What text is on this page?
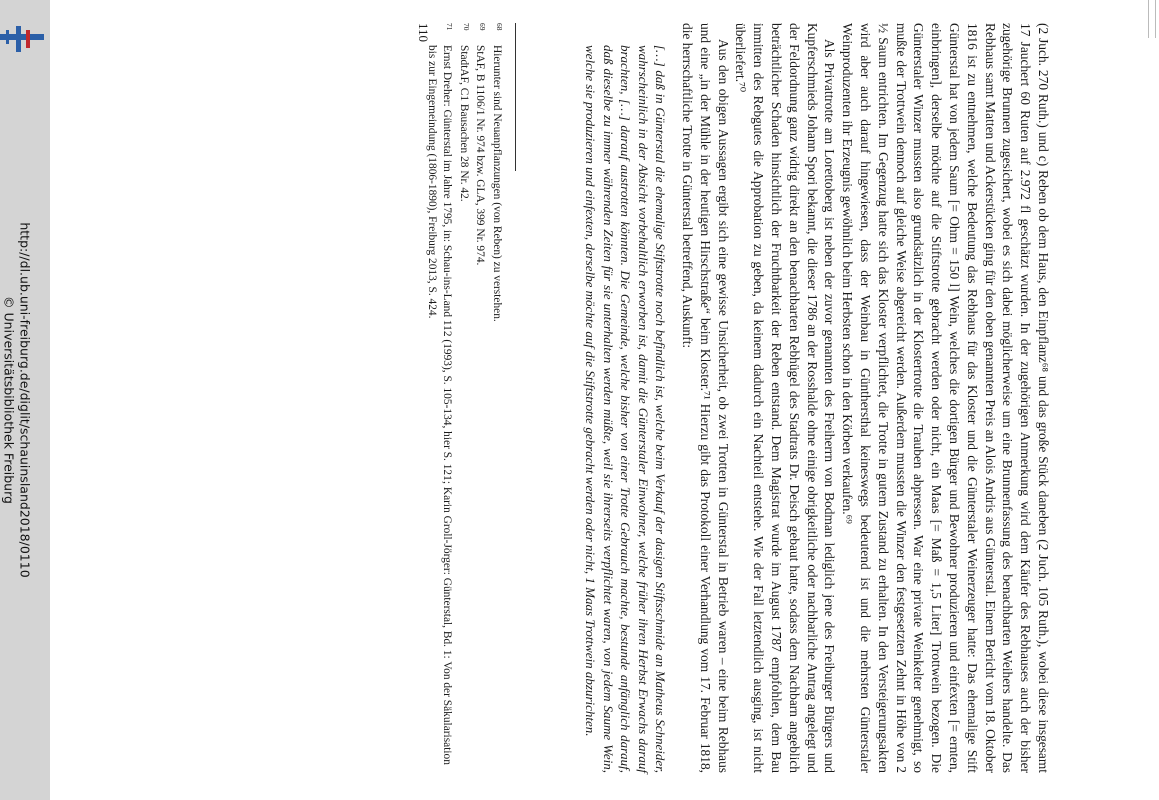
http://dl.ub.uni-freiburg.de/diglit/schauinsland2018/0110
© Universitätsbibliothek Freiburg	(2 Juch. 270 Ruth.) und c) Reben ob dem Haus, den Einpflanz⁶⁸ und das große Stück daneben (2 Juch. 105 Ruth.), wobei diese insgesamt 17 Jauchert 60 Ruten auf 2.972 fl geschätzt wurden. In der zugehörigen Anmerkung wird dem Käufer des Rebhauses auch der bisher zugehörige Brunnen zugesichert, wobei es sich dabei möglicherweise um eine Brunnenfassung des benachbarten Weihers handelte. Das Rebhaus samt Matten und Ackerstücken ging für den oben genannten Preis an Alois Andris aus Günterstal. Einem Bericht vom 18. Oktober 1816 ist zu entnehmen, welche Bedeutung das Rebhaus für das Kloster und die Günterstaler Weinerzeuger hatte: Das ehemalige Stift Günterstal hat von jedem Saum [= Ohm = 150 l] Wein, welches die dortigen Bürger und Bewohner produzieren und einfexten [= ernten, einbringen], derselbe möchte auf die Stiftstrotte gebracht werden oder nicht, ein Maas [= Maß = 1,5 Liter] Trottwein bezogen. Die Günterstaler Winzer mussten also grundsätzlich in der Klostertrotte die Trauben abpressen. War eine private Weinkelter genehmigt, so mußte der Trottwein dennoch auf gleiche Weise abgereicht werden. Außerdem mussten die Winzer den festgesetzten Zehnt in Höhe von 2 ½ Saum entrichten. Im Gegenzug hatte sich das Kloster verpflichtet, die Trotte in gutem Zustand zu erhalten. In den Versteigerungsakten wird aber auch darauf hingewiesen, dass der Weinbau in Günthersthal keineswegs bedeutend ist und die mehrsten Günterstaler Weinproduzenten ihr Erzeugnis gewöhnlich beim Herbsten schon in den Körben verkaufen.⁶⁹

Als Privattrotte am Lorettoberg ist neben der zuvor genannten des Freiherrn von Bodman lediglich jene des Freiburger Bürgers und Kupferschmieds Johann Spori bekannt, die dieser 1786 an der Rosshalde ohne einige obrigkeitliche oder nachbarliche Antrag angelegt und der Feldordnung ganz widrig direkt an den benachbarten Rebhügel des Stadtrats Dr. Deisch gebaut hatte, sodass dem Nachbarn angeblich beträchtlicher Schaden hinsichtlich der Fruchtbarkeit der Reben entstand. Dem Magistrat wurde im August 1787 empfohlen, dem Bau inmitten des Rebgutes die Approbation zu geben, da keinem dadurch ein Nachteil entstehe. Wie der Fall letztendlich ausging, ist nicht überliefert.⁷⁰

Aus den obigen Aussagen ergibt sich eine gewisse Unsicherheit, ob zwei Trotten in Günterstal in Betrieb waren – eine beim Rebhaus und eine „in der Mühle in der heutigen Hirschstraße“ beim Kloster.⁷¹ Hierzu gibt das Protokoll einer Verhandlung vom 17. Februar 1818, die herrschaftliche Trotte in Günterstal betreffend, Auskunft:

[…] daß in Günterstal die ehemalige Stiftstrotte noch befindlich ist, welche beim Verkauf der dasigen Stiftsschmide an Matheus Schneider, wahrscheinlich in der Absicht vorbehaltlich erworben ist, damit die Günterstaler Einwohner, welche früher ihren Herbst Erwachs darauf brachten, […] darauf austrotten könnten. Die Gemeinde, welche bisher von einer Trotte Gebrauch machte, bestunde anfänglich darauf, daß dieselbe zu immer währenden Zeiten für sie unterhalten werden müßte, weil sie ihrerseits verpflichtet waren, von jedem Saume Wein, welche sie produzieren und einfexten, derselbe möchte auf die Stiftstrotte gebracht werden oder nicht, 1 Maas Trottwein abzurichten.

68
Hierunter sind Neuanpflanzungen (von Reben) zu verstehen.
69
StAF, B 1106/1 Nr. 974 bzw. GLA, 399 Nr. 974.
70
StadtAF, C1 Bausachen 28 Nr. 42.
71
Ernst Dreher: Günterstal im Jahre 1795, in: Schau-ins-Land 112 (1993), S. 105-134, hier S. 121; Karin Groll-Jörger: Günterstal, Bd. 1: Von der Säkularisation bis zur Eingemeindung (1806-1890), Freiburg 2013, S. 424.
110
